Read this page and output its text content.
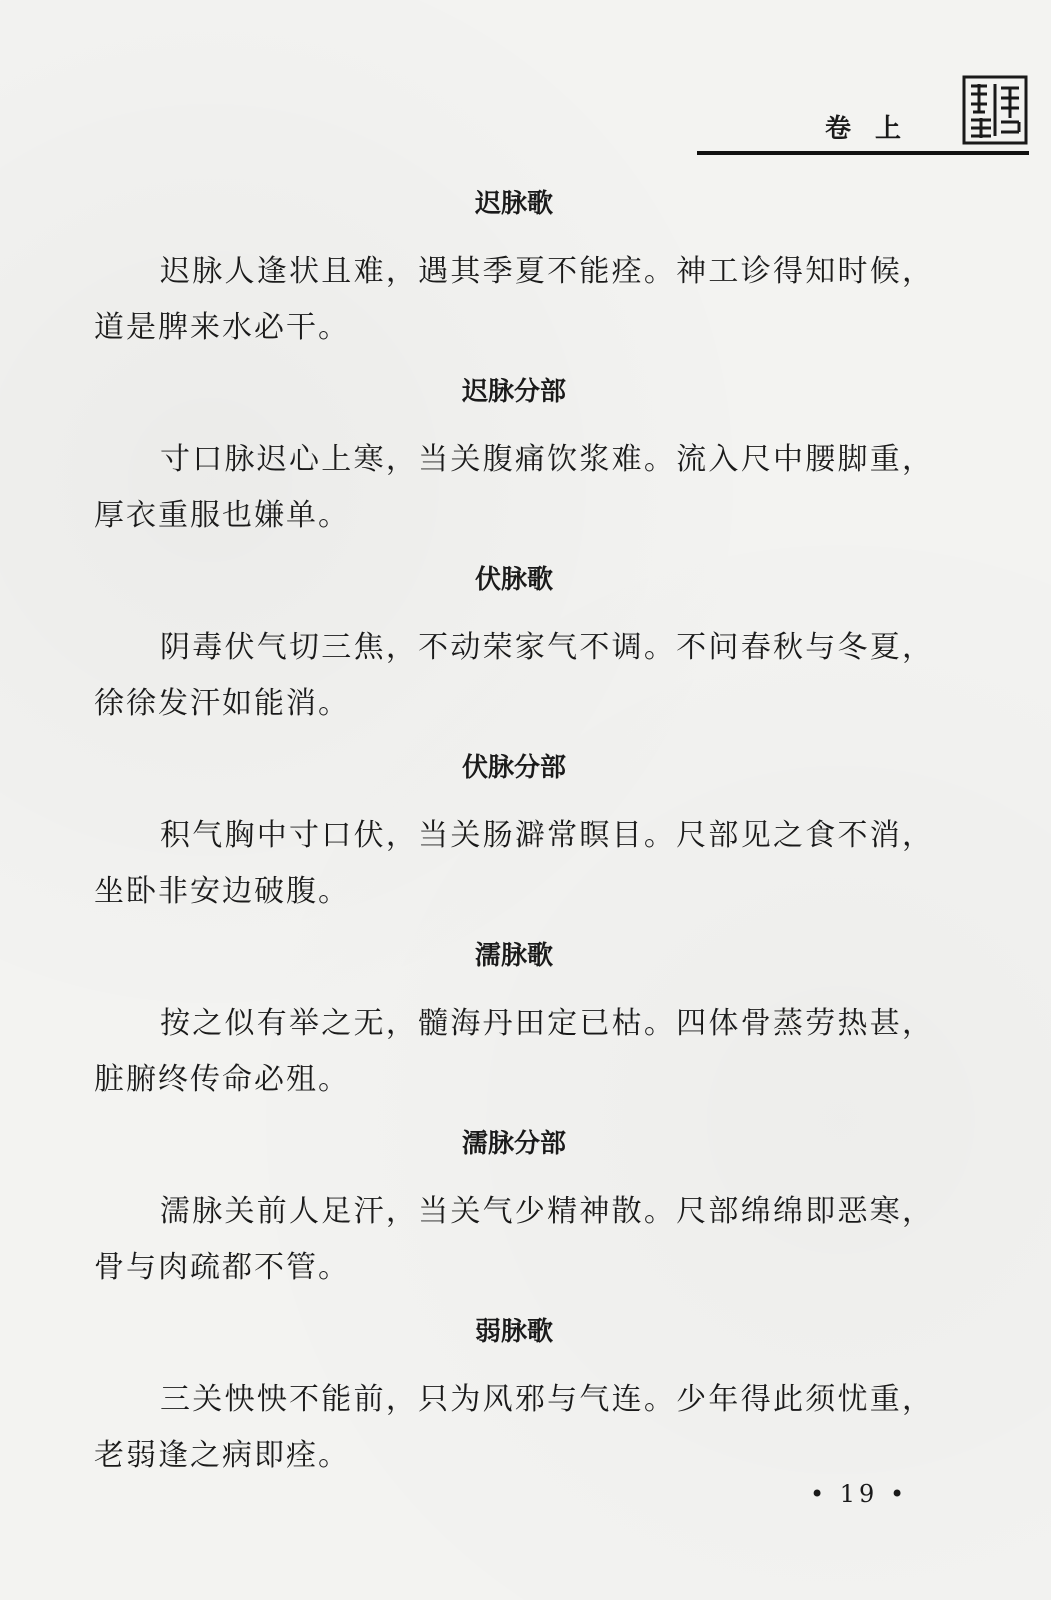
卷上
迟脉歌

迟脉人逢状且难，遇其季夏不能痊。神工诊得知时候，道是脾来水必干。

迟脉分部

寸口脉迟心上寒，当关腹痛饮浆难。流入尺中腰脚重，厚衣重服也嫌单。

伏脉歌

阴毒伏气切三焦，不动荣家气不调。不问春秋与冬夏，徐徐发汗如能消。

伏脉分部

积气胸中寸口伏，当关肠澼常瞑目。尺部见之食不消，坐卧非安边破腹。

濡脉歌

按之似有举之无，髓海丹田定已枯。四体骨蒸劳热甚，脏腑终传命必殂。

濡脉分部

濡脉关前人足汗，当关气少精神散。尺部绵绵即恶寒，骨与肉疏都不管。

弱脉歌

三关怏怏不能前，只为风邪与气连。少年得此须忧重，老弱逢之病即痊。

• 19 •
